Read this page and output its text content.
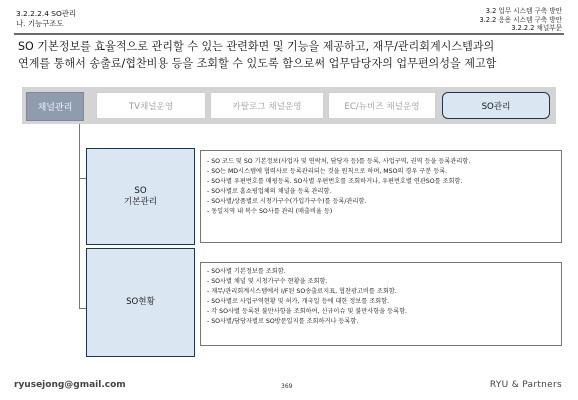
3.2.2.2.4 SO관리
나. 기능구조도
3.2 업무 시스템 구축 방안
3.2.2 응용 시스템 구축 방안
3.2.2.2 채널부문
SO 기본정보를 효율적으로 관리할 수 있는 관련화면 및 기능을 제공하고, 재무/관리회계시스템과의
연계를 통해서 송출료/협찬비용 등을 조회할 수 있도록 함으로써 업무담당자의 업무편의성을 제고함
채널관리	TV채널운영	카탈로그 채널운영	EC/뉴비즈 채널운영	SO관리
SO
기본관리
- SO 코드 및 SO 기본정보(사업자 및 연락처, 담당자 등)를 등록, 사업구역, 권역 등을 등록관리함.
- SO는 MD시스템에 협력사로 등록관리되는 것을 원칙으로 하며, MSO의 경우 구분 등록.
- SO사별 우편번호를 매핑등록. SO사별 우편번호를 조회하거나, 우편번호별 연관SO를 조회함.
- SO사별로 홈쇼핑업체의 채널을 등록 관리함.
- SO사별/상품별로 시청가구수(가입가구수)를 등록/관리함.
- 동일지역 내 복수 SO사를 관리 (매출비율 등)
SO현황
- SO사별 기본정보를 조회함.
- SO사별 채널 및 시청가구수 현황을 조회함.
- 재무/관리회계시스템에서 I/F된 SO송출료지표, 협찬광고비를 조회함.
- SO사별로 사업구역현황 및 허가, 개국일 등에 대한 정보를 조회함.
- 각 SO사별 등록된 불만사항을 조회하여, 신규이슈 및 불만사항을 등록함.
- SO사별/담당자별로 SO방문일지를 조회하거나 등록함.
ryusejong@gmail.com	369	RYU & Partners
